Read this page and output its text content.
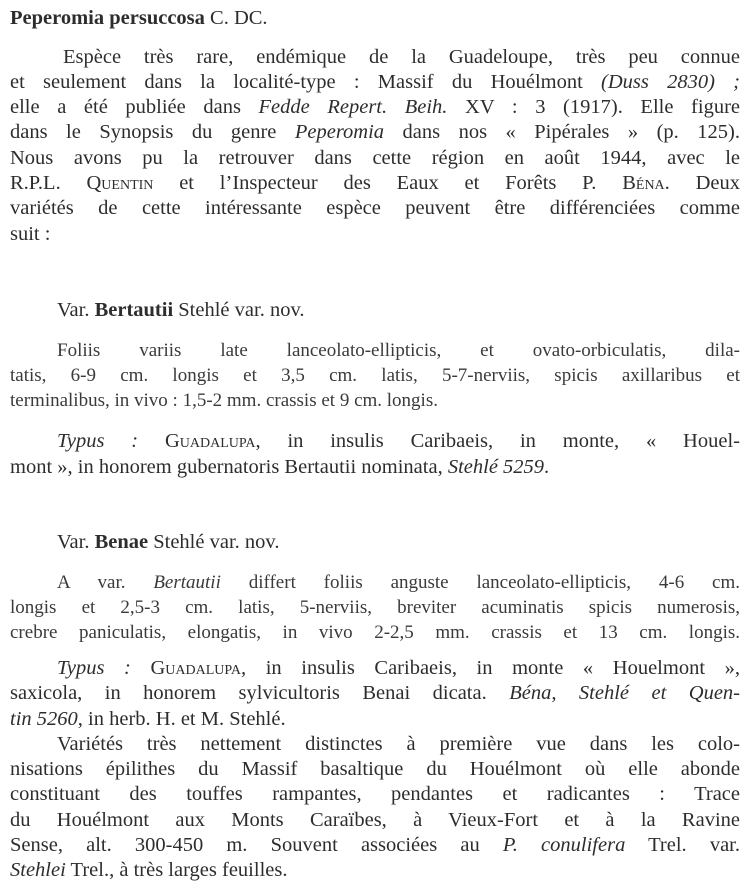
Peperomia persuccosa C. DC.
Espèce très rare, endémique de la Guadeloupe, très peu connue
et seulement dans la localité-type : Massif du Houélmont (Duss 2830) ;
elle a été publiée dans Fedde Repert. Beih. XV : 3 (1917). Elle figure
dans le Synopsis du genre Peperomia dans nos « Pipérales » (p. 125).
Nous avons pu la retrouver dans cette région en août 1944, avec le
R.P.L. Quentin et l’Inspecteur des Eaux et Forêts P. Béna. Deux
variétés de cette intéressante espèce peuvent être différenciées comme
suit :
Var. Bertautii Stehlé var. nov.
Foliis variis late lanceolato-ellipticis, et ovato-orbiculatis, dila-
tatis, 6-9 cm. longis et 3,5 cm. latis, 5-7-nerviis, spicis axillaribus et
terminalibus, in vivo : 1,5-2 mm. crassis et 9 cm. longis.
Typus : Guadalupa, in insulis Caribaeis, in monte, « Houel-
mont », in honorem gubernatoris Bertautii nominata, Stehlé 5259.
Var. Benae Stehlé var. nov.
A var. Bertautii differt foliis anguste lanceolato-ellipticis, 4-6 cm.
longis et 2,5-3 cm. latis, 5-nerviis, breviter acuminatis spicis numerosis,
crebre paniculatis, elongatis, in vivo 2-2,5 mm. crassis et 13 cm. longis.
Typus : Guadalupa, in insulis Caribaeis, in monte « Houelmont »,
saxicola, in honorem sylvicultoris Benai dicata. Béna, Stehlé et Quen-
tin 5260, in herb. H. et M. Stehlé.
Variétés très nettement distinctes à première vue dans les colo-
nisations épilithes du Massif basaltique du Houélmont où elle abonde
constituant des touffes rampantes, pendantes et radicantes : Trace
du Houélmont aux Monts Caraïbes, à Vieux-Fort et à la Ravine
Sense, alt. 300-450 m. Souvent associées au P. conulifera Trel. var.
Stehlei Trel., à très larges feuilles.
